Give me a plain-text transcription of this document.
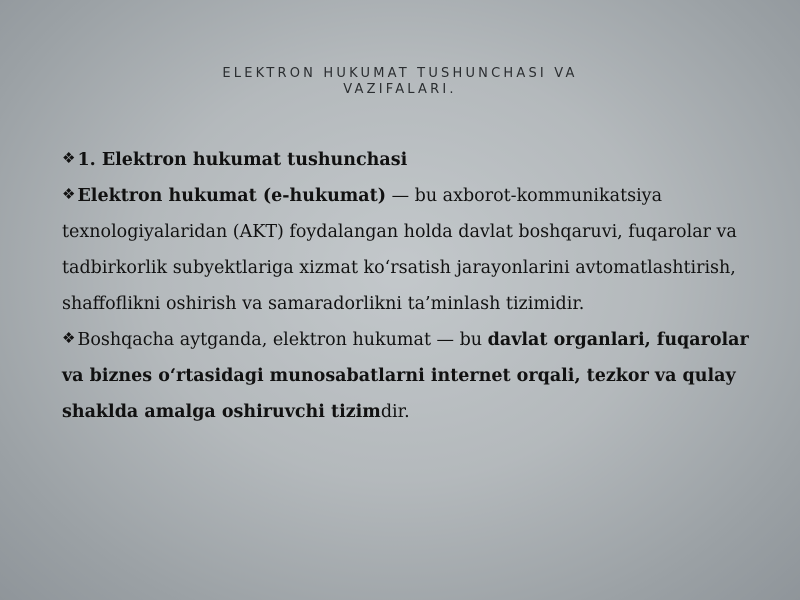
ELEKTRON HUKUMAT TUSHUNCHASI VA
VAZIFALARI.

❖ 1. Elektron hukumat tushunchasi

❖ Elektron hukumat (e-hukumat) — bu axborot-kommunikatsiya texnologiyalaridan (AKT) foydalangan holda davlat boshqaruvi, fuqarolar va tadbirkorlik subyektlariga xizmat ko‘rsatish jarayonlarini avtomatlashtirish, shaffoflikni oshirish va samaradorlikni ta’minlash tizimidir.

❖ Boshqacha aytganda, elektron hukumat — bu davlat organlari, fuqarolar va biznes o‘rtasidagi munosabatlarni internet orqali, tezkor va qulay shaklda amalga oshiruvchi tizimdir.
